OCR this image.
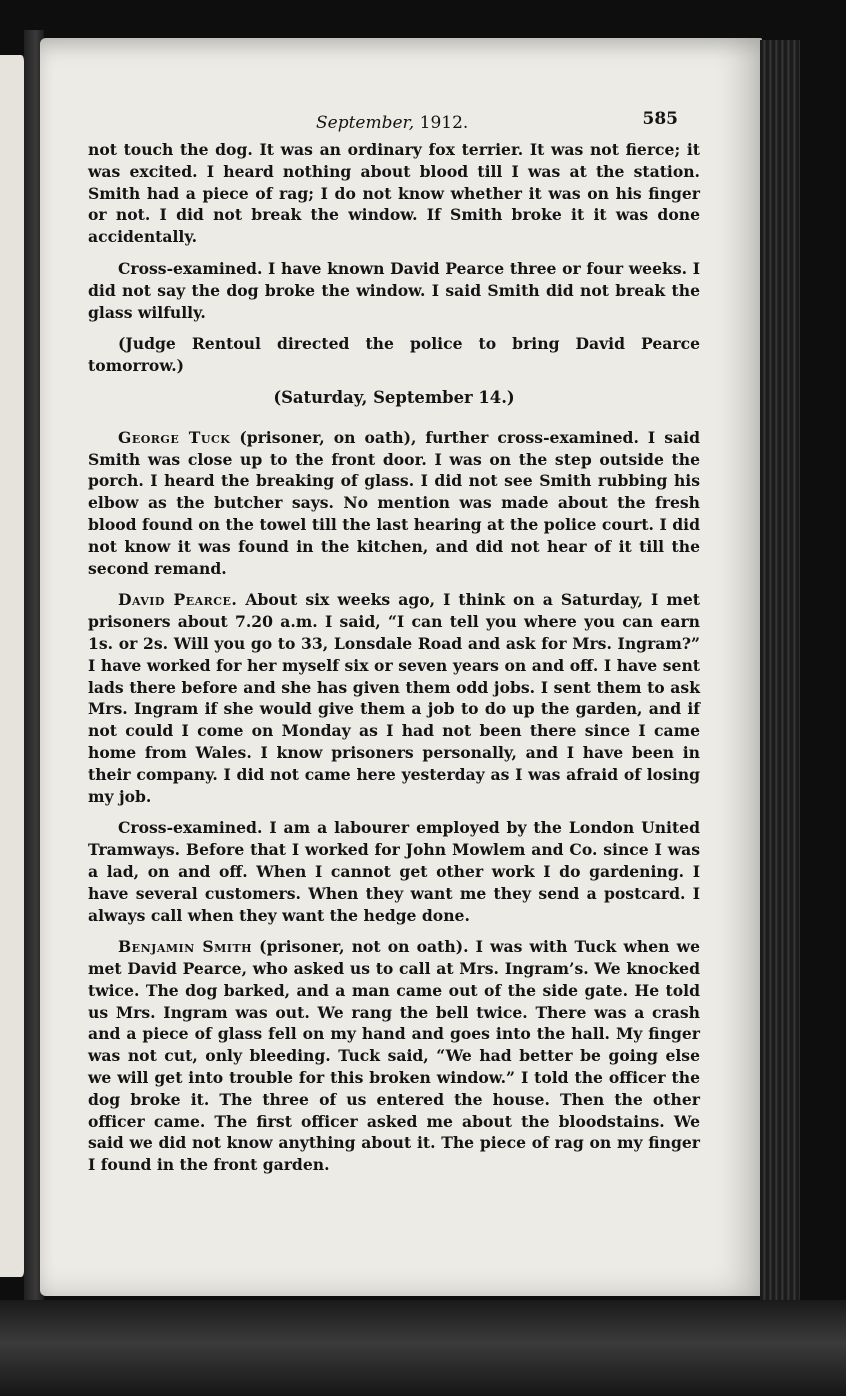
September, 1912.	585

not touch the dog. It was an ordinary fox terrier. It was not fierce; it was excited. I heard nothing about blood till I was at the station. Smith had a piece of rag; I do not know whether it was on his finger or not. I did not break the window. If Smith broke it it was done accidentally.

Cross-examined. I have known David Pearce three or four weeks. I did not say the dog broke the window. I said Smith did not break the glass wilfully.

(Judge Rentoul directed the police to bring David Pearce tomorrow.)

(Saturday, September 14.)

George Tuck (prisoner, on oath), further cross-examined. I said Smith was close up to the front door. I was on the step outside the porch. I heard the breaking of glass. I did not see Smith rubbing his elbow as the butcher says. No mention was made about the fresh blood found on the towel till the last hearing at the police court. I did not know it was found in the kitchen, and did not hear of it till the second remand.

David Pearce. About six weeks ago, I think on a Saturday, I met prisoners about 7.20 a.m. I said, “I can tell you where you can earn 1s. or 2s. Will you go to 33, Lonsdale Road and ask for Mrs. Ingram?” I have worked for her myself six or seven years on and off. I have sent lads there before and she has given them odd jobs. I sent them to ask Mrs. Ingram if she would give them a job to do up the garden, and if not could I come on Monday as I had not been there since I came home from Wales. I know prisoners personally, and I have been in their company. I did not came here yesterday as I was afraid of losing my job.

Cross-examined. I am a labourer employed by the London United Tramways. Before that I worked for John Mowlem and Co. since I was a lad, on and off. When I cannot get other work I do gardening. I have several customers. When they want me they send a postcard. I always call when they want the hedge done.

Benjamin Smith (prisoner, not on oath). I was with Tuck when we met David Pearce, who asked us to call at Mrs. Ingram’s. We knocked twice. The dog barked, and a man came out of the side gate. He told us Mrs. Ingram was out. We rang the bell twice. There was a crash and a piece of glass fell on my hand and goes into the hall. My finger was not cut, only bleeding. Tuck said, “We had better be going else we will get into trouble for this broken window.” I told the officer the dog broke it. The three of us entered the house. Then the other officer came. The first officer asked me about the bloodstains. We said we did not know anything about it. The piece of rag on my finger I found in the front garden.
